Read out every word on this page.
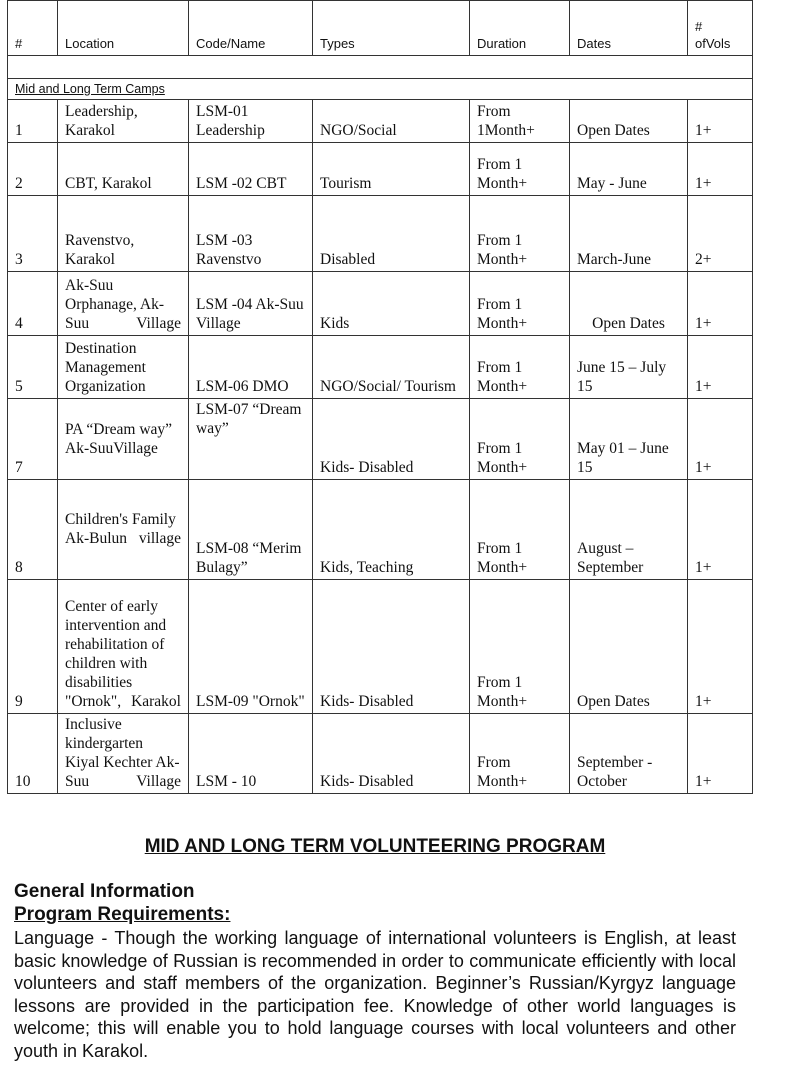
#	Location	Code/Name	Types	Duration	Dates	#
ofVols

Mid and Long Term Camps						
1	Leadership, Karakol	LSM-01 Leadership	NGO/Social	From 1Month+	Open Dates	1+
2	CBT, Karakol	LSM -02 CBT	Tourism	From 1 Month+	May - June	1+
3	Ravenstvo, Karakol	LSM -03 Ravenstvo	Disabled	From 1 Month+	March-June	2+
4	Ak-Suu Orphanage, Ak-Suu Village	LSM -04 Ak-Suu Village	Kids	From 1 Month+	Open Dates	1+
5	Destination Management Organization	LSM-06 DMO	NGO/Social/ Tourism	From 1 Month+	June 15 – July 15	1+
7	PA “Dream way” Ak-SuuVillage	LSM-07 “Dream way”	Kids- Disabled	From 1 Month+	May 01 – June 15	1+
8	Children's Family Ak-Bulun village	LSM-08 “Merim Bulagy”	Kids, Teaching	From 1 Month+	August – September	1+
9	Center of early intervention and rehabilitation of children with disabilities "Ornok", Karakol	LSM-09 "Ornok"	Kids- Disabled	From 1 Month+	Open Dates	1+
10	Inclusive kindergarten Kiyal Kechter Ak-Suu Village	LSM - 10	Kids- Disabled	From Month+	September - October	1+
MID AND LONG TERM VOLUNTEERING PROGRAM
General Information
Program Requirements:

Language - Though the working language of international volunteers is English, at least basic knowledge of Russian is recommended in order to communicate efficiently with local volunteers and staff members of the organization. Beginner’s Russian/Kyrgyz language lessons are provided in the participation fee. Knowledge of other world languages is welcome; this will enable you to hold language courses with local volunteers and other youth in Karakol.
